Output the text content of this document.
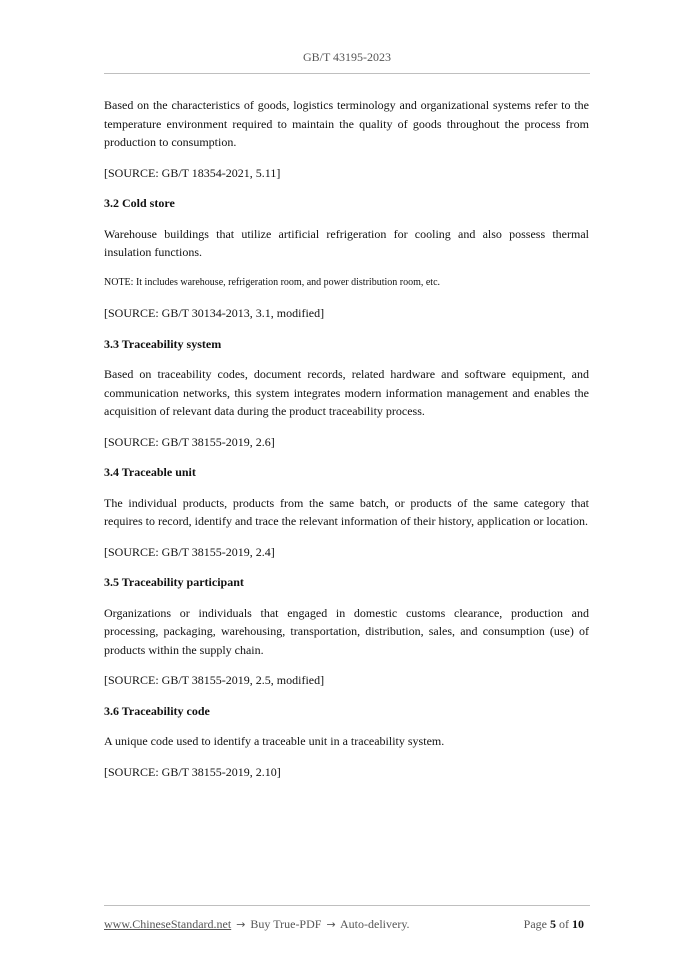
GB/T 43195-2023

Based on the characteristics of goods, logistics terminology and organizational systems refer to the temperature environment required to maintain the quality of goods throughout the process from production to consumption.

[SOURCE: GB/T 18354-2021, 5.11]

3.2 Cold store

Warehouse buildings that utilize artificial refrigeration for cooling and also possess thermal insulation functions.

NOTE: It includes warehouse, refrigeration room, and power distribution room, etc.

[SOURCE: GB/T 30134-2013, 3.1, modified]

3.3 Traceability system

Based on traceability codes, document records, related hardware and software equipment, and communication networks, this system integrates modern information management and enables the acquisition of relevant data during the product traceability process.

[SOURCE: GB/T 38155-2019, 2.6]

3.4 Traceable unit

The individual products, products from the same batch, or products of the same category that requires to record, identify and trace the relevant information of their history, application or location.

[SOURCE: GB/T 38155-2019, 2.4]

3.5 Traceability participant

Organizations or individuals that engaged in domestic customs clearance, production and processing, packaging, warehousing, transportation, distribution, sales, and consumption (use) of products within the supply chain.

[SOURCE: GB/T 38155-2019, 2.5, modified]

3.6 Traceability code

A unique code used to identify a traceable unit in a traceability system.

[SOURCE: GB/T 38155-2019, 2.10]

www.ChineseStandard.net → Buy True-PDF → Auto-delivery.	Page 5 of 10
